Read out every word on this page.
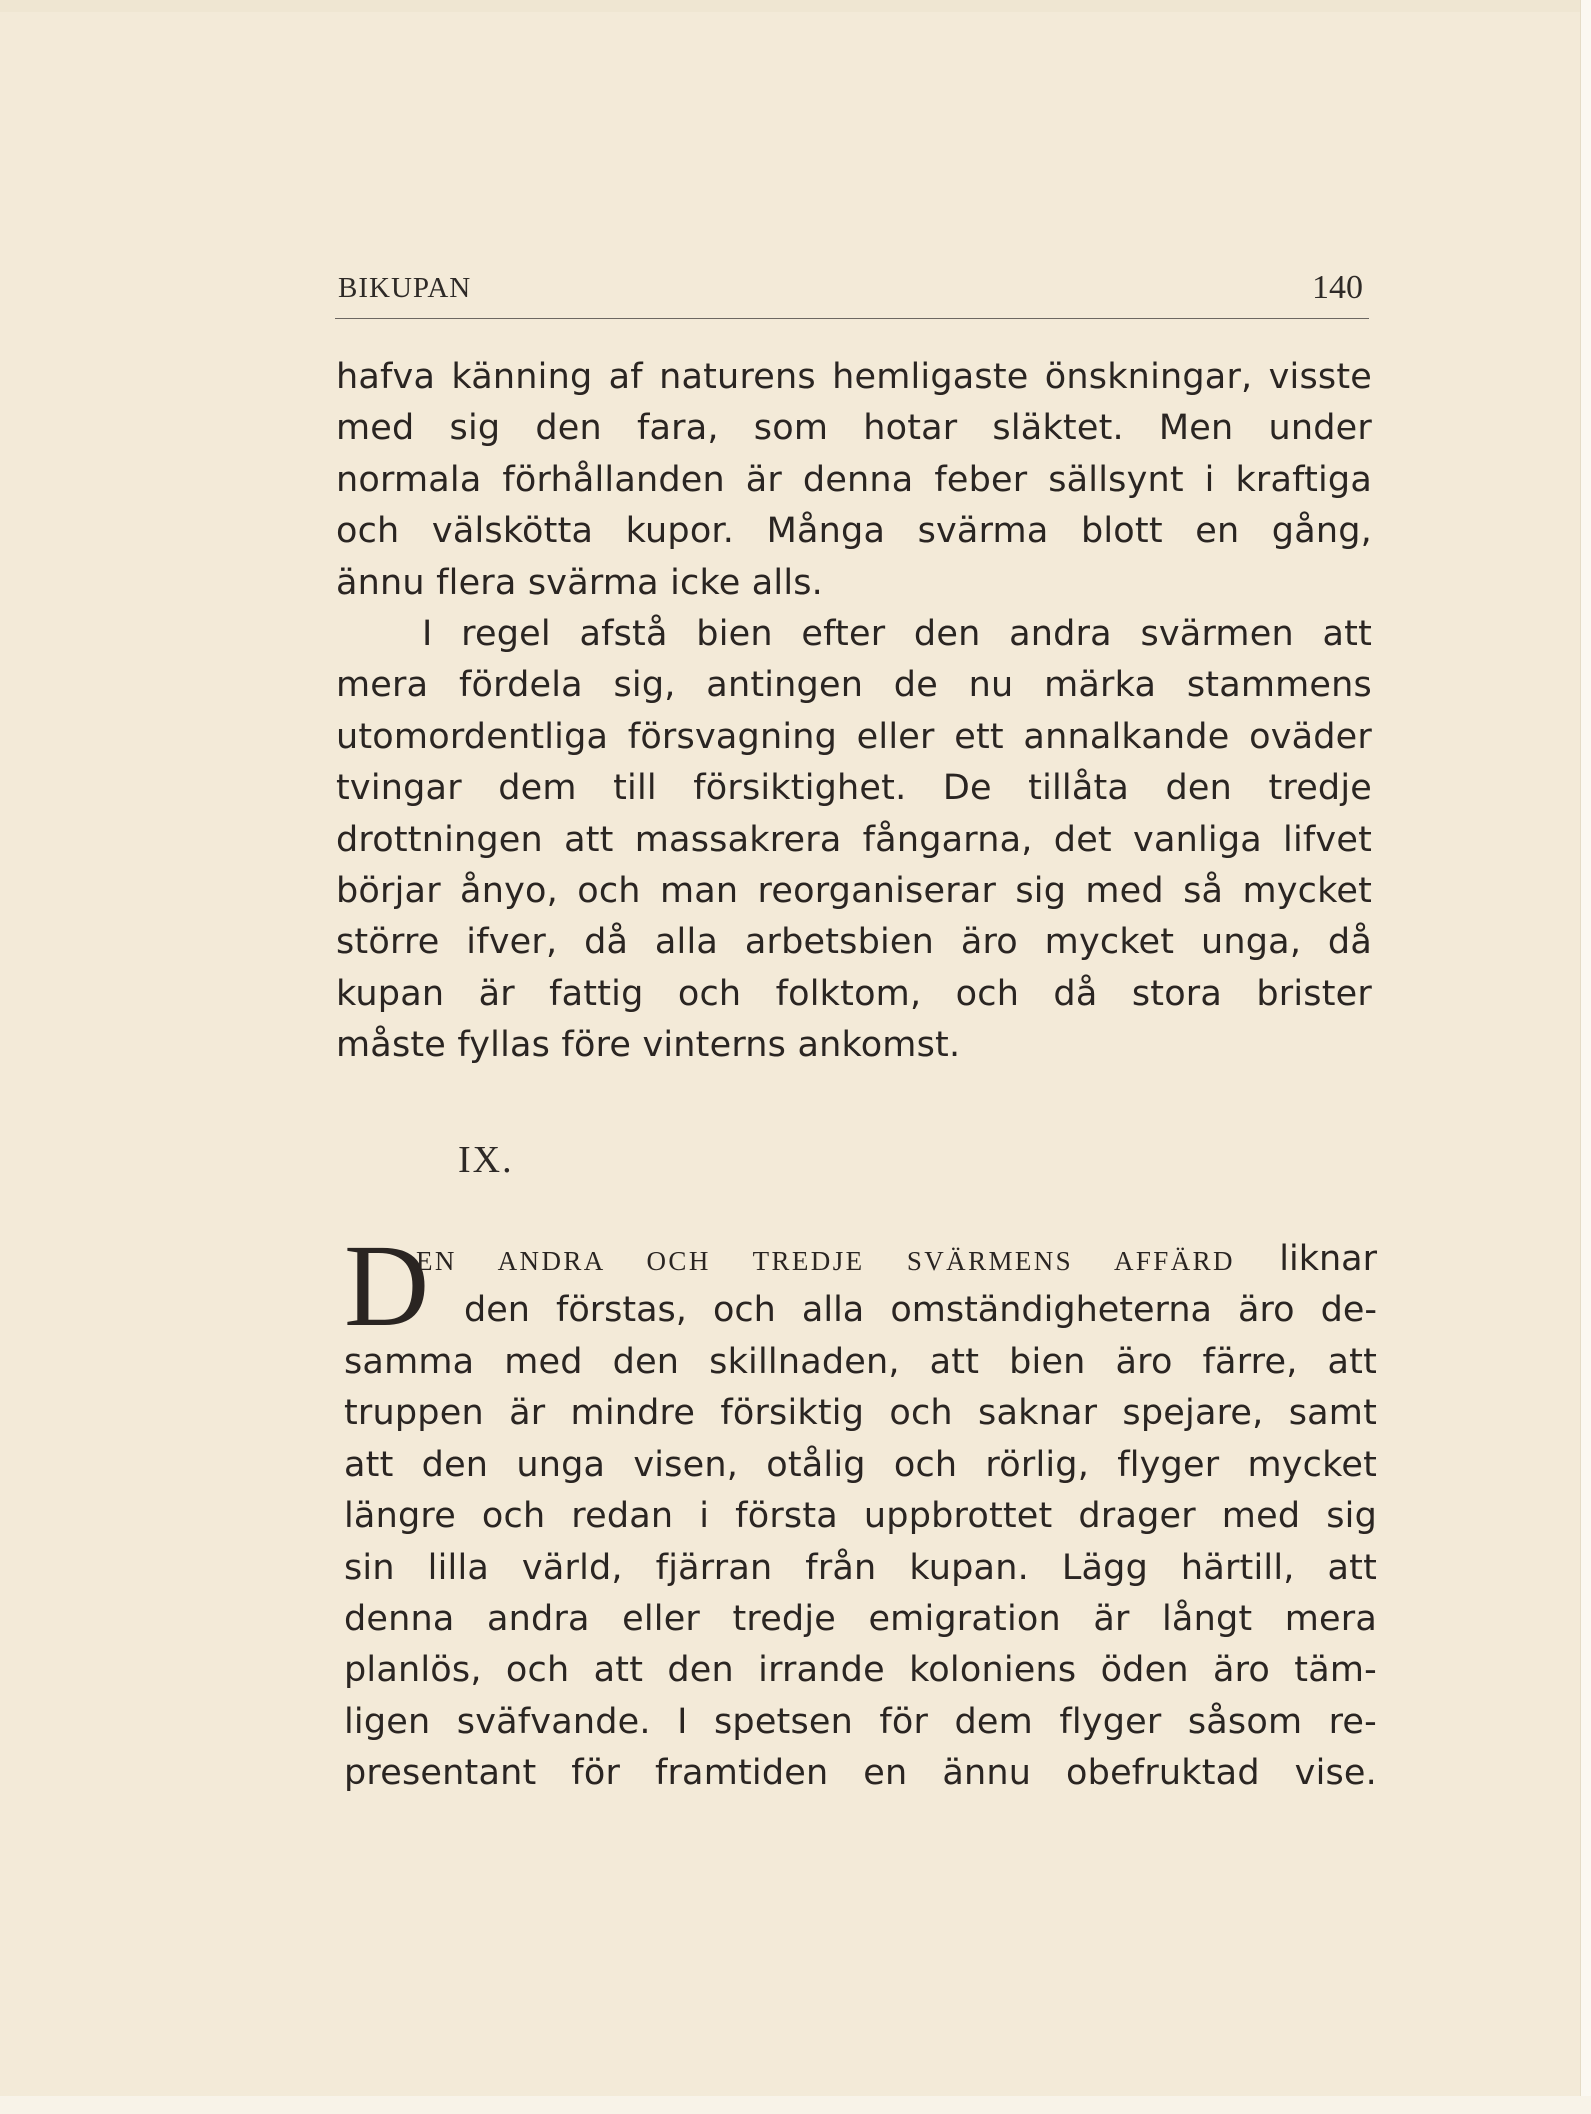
BIKUPAN	140
hafva känning af naturens hemligaste önskningar, visste
med sig den fara, som hotar släktet. Men under
normala förhållanden är denna feber sällsynt i kraftiga
och välskötta kupor. Många svärma blott en gång,
ännu flera svärma icke alls.
I regel afstå bien efter den andra svärmen att
mera fördela sig, antingen de nu märka stammens
utomordentliga försvagning eller ett annalkande oväder
tvingar dem till försiktighet. De tillåta den tredje
drottningen att massakrera fångarna, det vanliga lifvet
börjar ånyo, och man reorganiserar sig med så mycket
större ifver, då alla arbetsbien äro mycket unga, då
kupan är fattig och folktom, och då stora brister
måste fyllas före vinterns ankomst.
IX.
D
EN ANDRA OCH TREDJE SVÄRMENS AFFÄRD liknar
den förstas, och alla omständigheterna äro de-
samma med den skillnaden, att bien äro färre, att
truppen är mindre försiktig och saknar spejare, samt
att den unga visen, otålig och rörlig, flyger mycket
längre och redan i första uppbrottet drager med sig
sin lilla värld, fjärran från kupan. Lägg härtill, att
denna andra eller tredje emigration är långt mera
planlös, och att den irrande koloniens öden äro täm-
ligen sväfvande. I spetsen för dem flyger såsom re-
presentant för framtiden en ännu obefruktad vise.
